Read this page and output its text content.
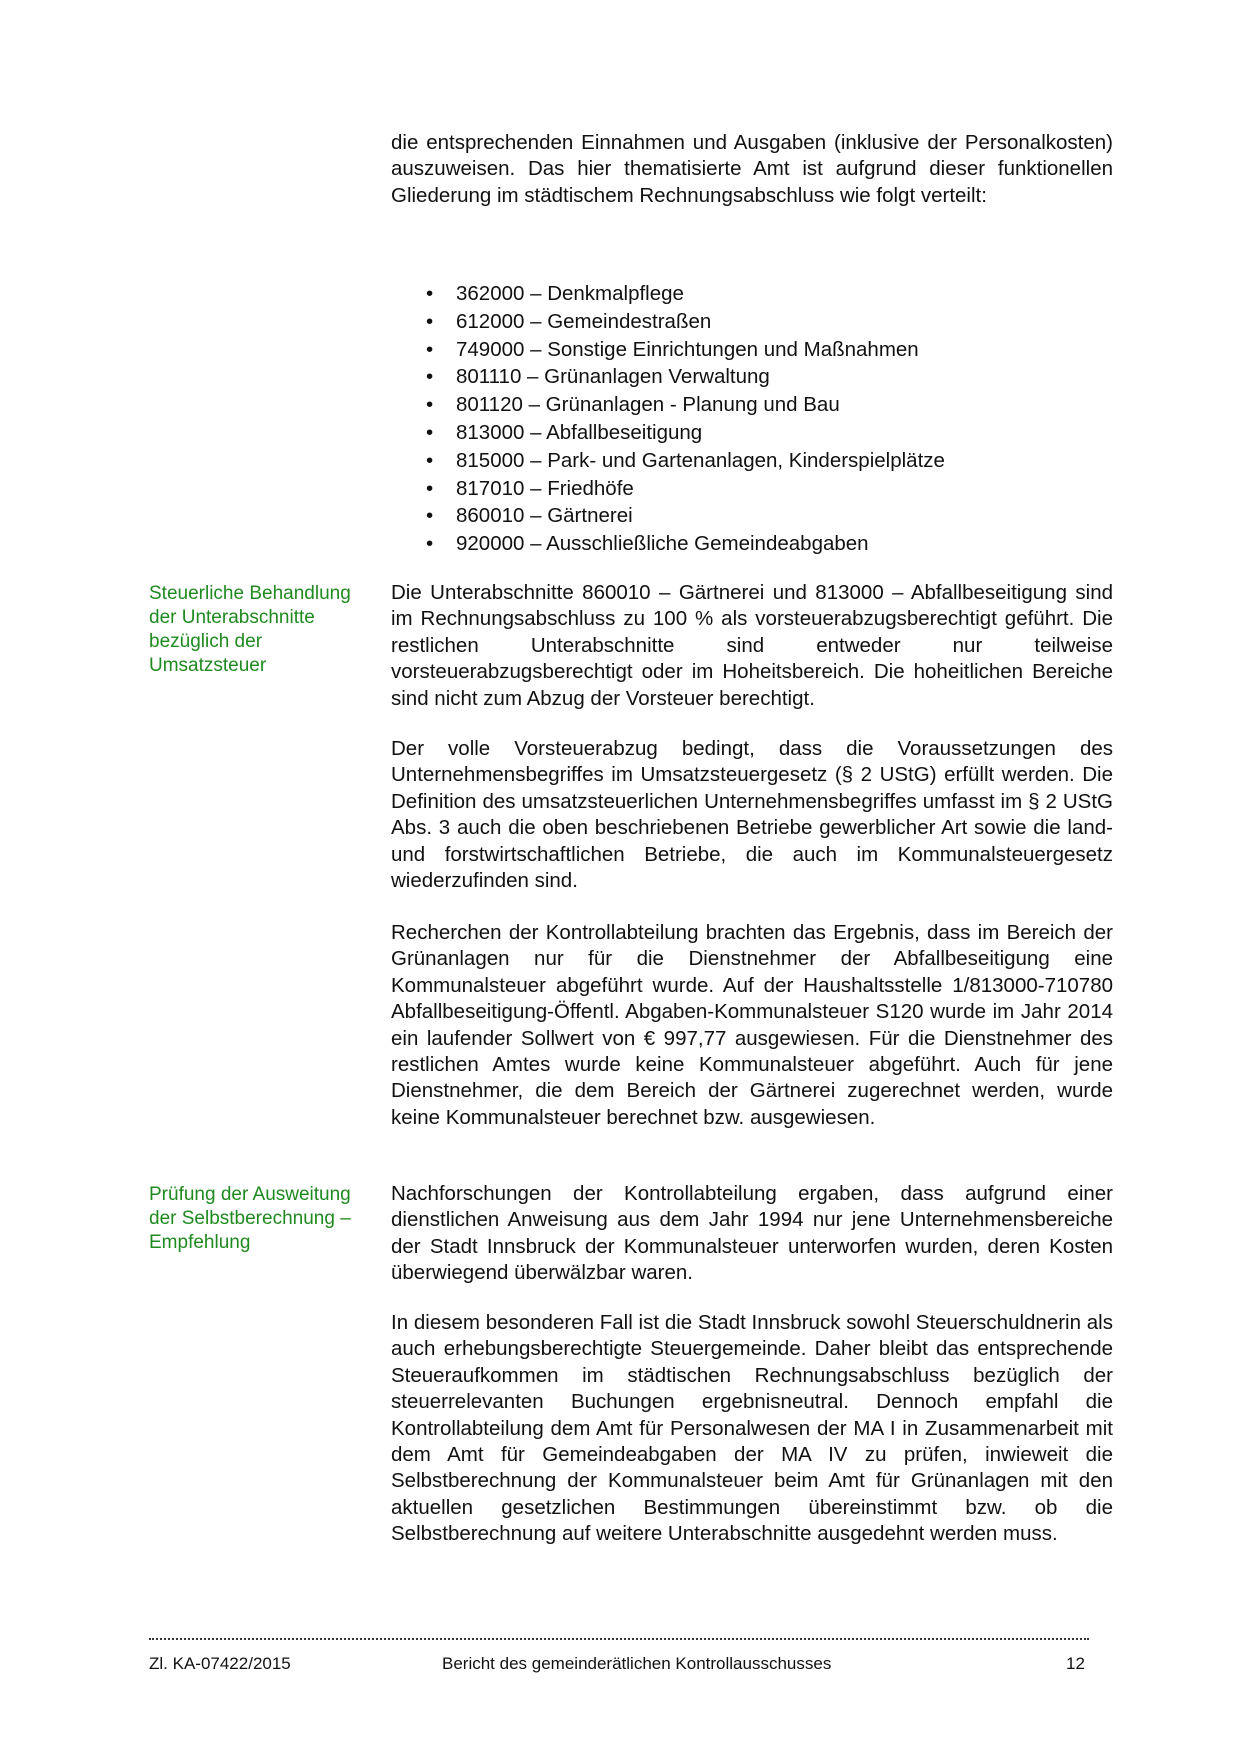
die entsprechenden Einnahmen und Ausgaben (inklusive der Personalkosten) auszuweisen. Das hier thematisierte Amt ist aufgrund dieser funktionellen Gliederung im städtischem Rechnungsabschluss wie folgt verteilt:

• 362000 – Denkmalpflege
• 612000 – Gemeindestraßen
• 749000 – Sonstige Einrichtungen und Maßnahmen
• 801110 – Grünanlagen Verwaltung
• 801120 – Grünanlagen - Planung und Bau
• 813000 – Abfallbeseitigung
• 815000 – Park- und Gartenanlagen, Kinderspielplätze
• 817010 – Friedhöfe
• 860010 – Gärtnerei
• 920000 – Ausschließliche Gemeindeabgaben
Steuerliche Behandlung der Unterabschnitte bezüglich der Umsatzsteuer

Die Unterabschnitte 860010 – Gärtnerei und 813000 – Abfallbeseitigung sind im Rechnungsabschluss zu 100 % als vorsteuerabzugsberechtigt geführt. Die restlichen Unterabschnitte sind entweder nur teilweise vorsteuerabzugsberechtigt oder im Hoheitsbereich. Die hoheitlichen Bereiche sind nicht zum Abzug der Vorsteuer berechtigt.

Der volle Vorsteuerabzug bedingt, dass die Voraussetzungen des Unternehmensbegriffes im Umsatzsteuergesetz (§ 2 UStG) erfüllt werden. Die Definition des umsatzsteuerlichen Unternehmensbegriffes umfasst im § 2 UStG Abs. 3 auch die oben beschriebenen Betriebe gewerblicher Art sowie die land- und forstwirtschaftlichen Betriebe, die auch im Kommunalsteuergesetz wiederzufinden sind.

Recherchen der Kontrollabteilung brachten das Ergebnis, dass im Bereich der Grünanlagen nur für die Dienstnehmer der Abfallbeseitigung eine Kommunalsteuer abgeführt wurde. Auf der Haushaltsstelle 1/813000-710780 Abfallbeseitigung-Öffentl. Abgaben-Kommunalsteuer S120 wurde im Jahr 2014 ein laufender Sollwert von € 997,77 ausgewiesen. Für die Dienstnehmer des restlichen Amtes wurde keine Kommunalsteuer abgeführt. Auch für jene Dienstnehmer, die dem Bereich der Gärtnerei zugerechnet werden, wurde keine Kommunalsteuer berechnet bzw. ausgewiesen.

Prüfung der Ausweitung der Selbstberechnung – Empfehlung

Nachforschungen der Kontrollabteilung ergaben, dass aufgrund einer dienstlichen Anweisung aus dem Jahr 1994 nur jene Unternehmensbereiche der Stadt Innsbruck der Kommunalsteuer unterworfen wurden, deren Kosten überwiegend überwälzbar waren.

In diesem besonderen Fall ist die Stadt Innsbruck sowohl Steuerschuldnerin als auch erhebungsberechtigte Steuergemeinde. Daher bleibt das entsprechende Steueraufkommen im städtischen Rechnungsabschluss bezüglich der steuerrelevanten Buchungen ergebnisneutral. Dennoch empfahl die Kontrollabteilung dem Amt für Personalwesen der MA I in Zusammenarbeit mit dem Amt für Gemeindeabgaben der MA IV zu prüfen, inwieweit die Selbstberechnung der Kommunalsteuer beim Amt für Grünanlagen mit den aktuellen gesetzlichen Bestimmungen übereinstimmt bzw. ob die Selbstberechnung auf weitere Unterabschnitte ausgedehnt werden muss.

Zl. KA-07422/2015	Bericht des gemeinderätlichen Kontrollausschusses	12
